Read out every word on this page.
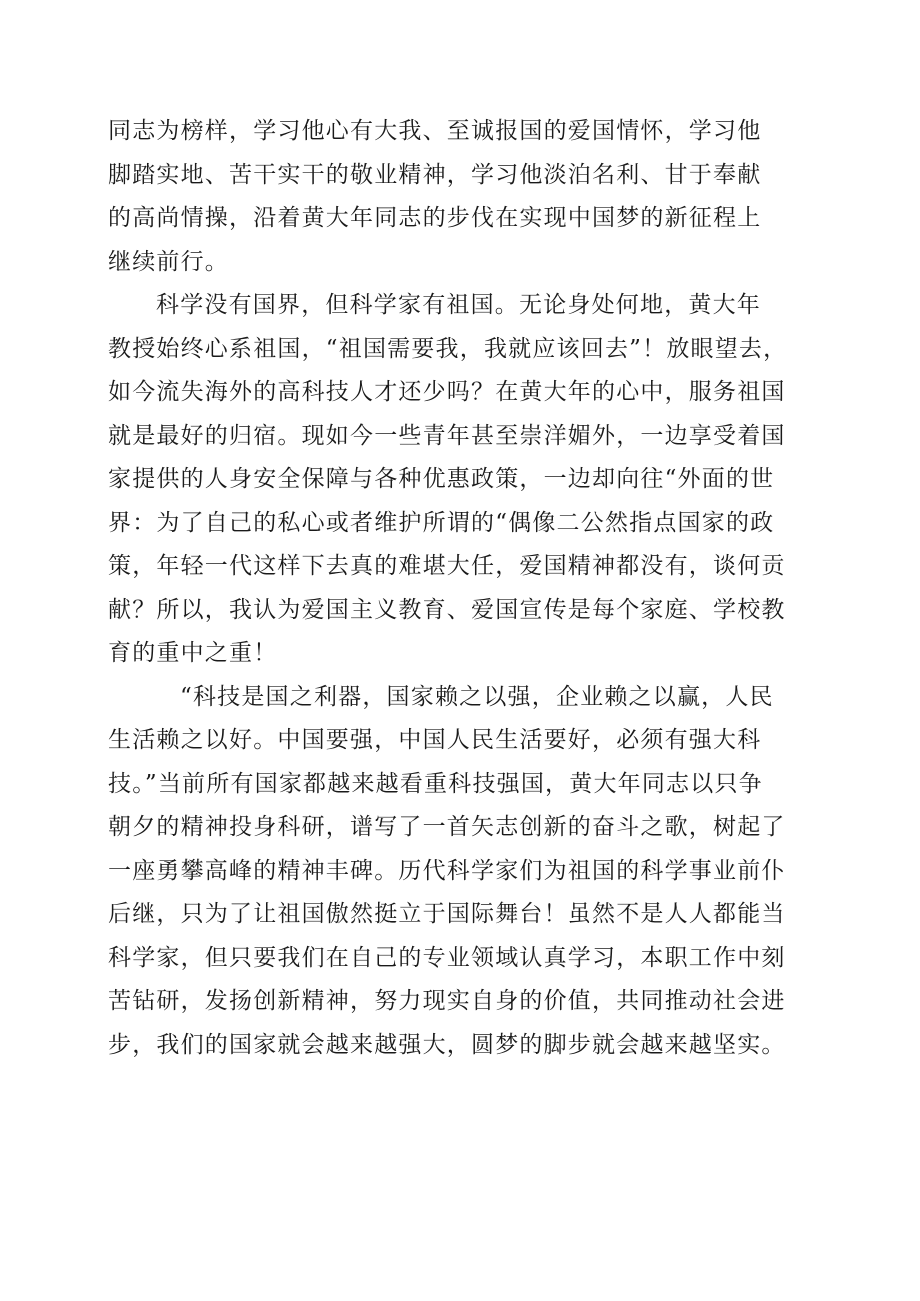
同志为榜样，学习他心有大我、至诚报国的爱国情怀，学习他
脚踏实地、苦干实干的敬业精神，学习他淡泊名利、甘于奉献
的高尚情操，沿着黄大年同志的步伐在实现中国梦的新征程上
继续前行。
科学没有国界，但科学家有祖国。无论身处何地，黄大年
教授始终心系祖国，“祖国需要我，我就应该回去”！放眼望去，
如今流失海外的高科技人才还少吗？在黄大年的心中，服务祖国
就是最好的归宿。现如今一些青年甚至崇洋媚外，一边享受着国
家提供的人身安全保障与各种优惠政策，一边却向往“外面的世
界：为了自己的私心或者维护所谓的“偶像二公然指点国家的政
策，年轻一代这样下去真的难堪大任，爱国精神都没有，谈何贡
献？所以，我认为爱国主义教育、爱国宣传是每个家庭、学校教
育的重中之重！
“科技是国之利器，国家赖之以强，企业赖之以赢，人民
生活赖之以好。中国要强，中国人民生活要好，必须有强大科
技。”当前所有国家都越来越看重科技强国，黄大年同志以只争
朝夕的精神投身科研，谱写了一首矢志创新的奋斗之歌，树起了
一座勇攀高峰的精神丰碑。历代科学家们为祖国的科学事业前仆
后继，只为了让祖国傲然挺立于国际舞台！虽然不是人人都能当
科学家，但只要我们在自己的专业领域认真学习，本职工作中刻
苦钻研，发扬创新精神，努力现实自身的价值，共同推动社会进
步，我们的国家就会越来越强大，圆梦的脚步就会越来越坚实。
